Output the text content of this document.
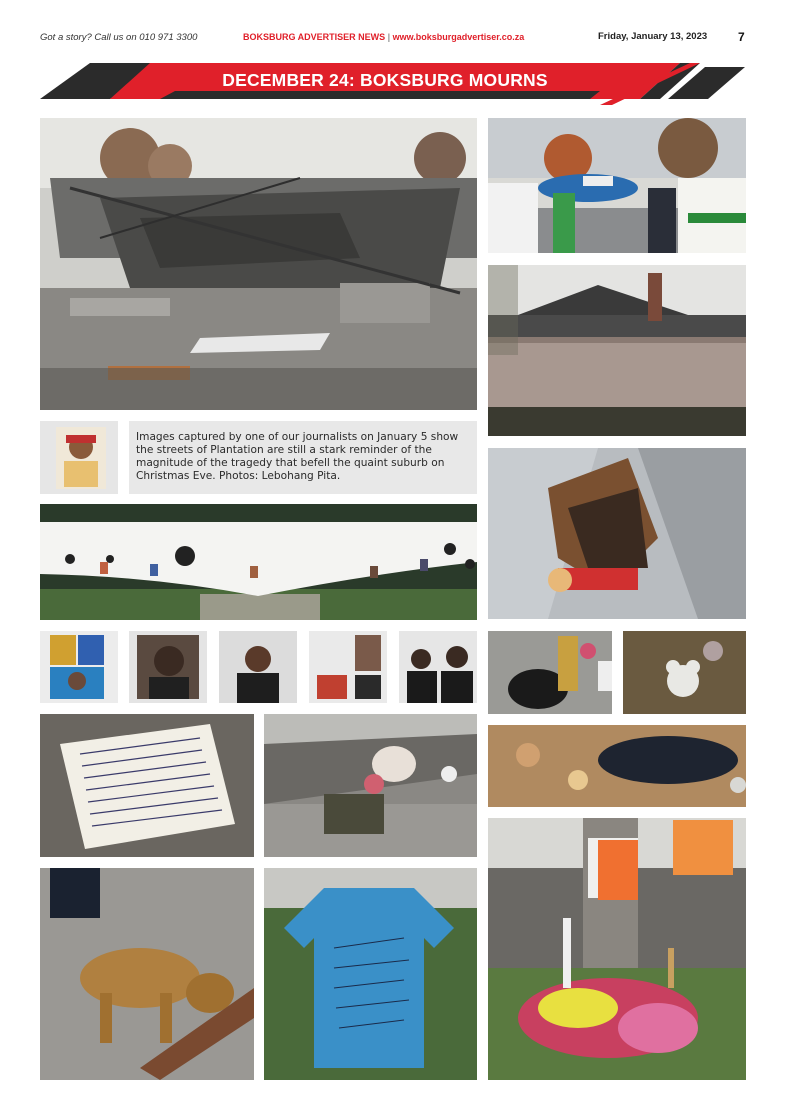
Got a story? Call us on 010 971 3300	BOKSBURG ADVERTISER NEWS | www.boksburgadvertiser.co.za	Friday, January 13, 2023	7
DECEMBER 24: BOKSBURG MOURNS

Images captured by one of our journalists on January 5 show the streets of Plantation are still a stark reminder of the magnitude of the tragedy that befell the quaint suburb on Christmas Eve. Photos: Lebohang Pita.
